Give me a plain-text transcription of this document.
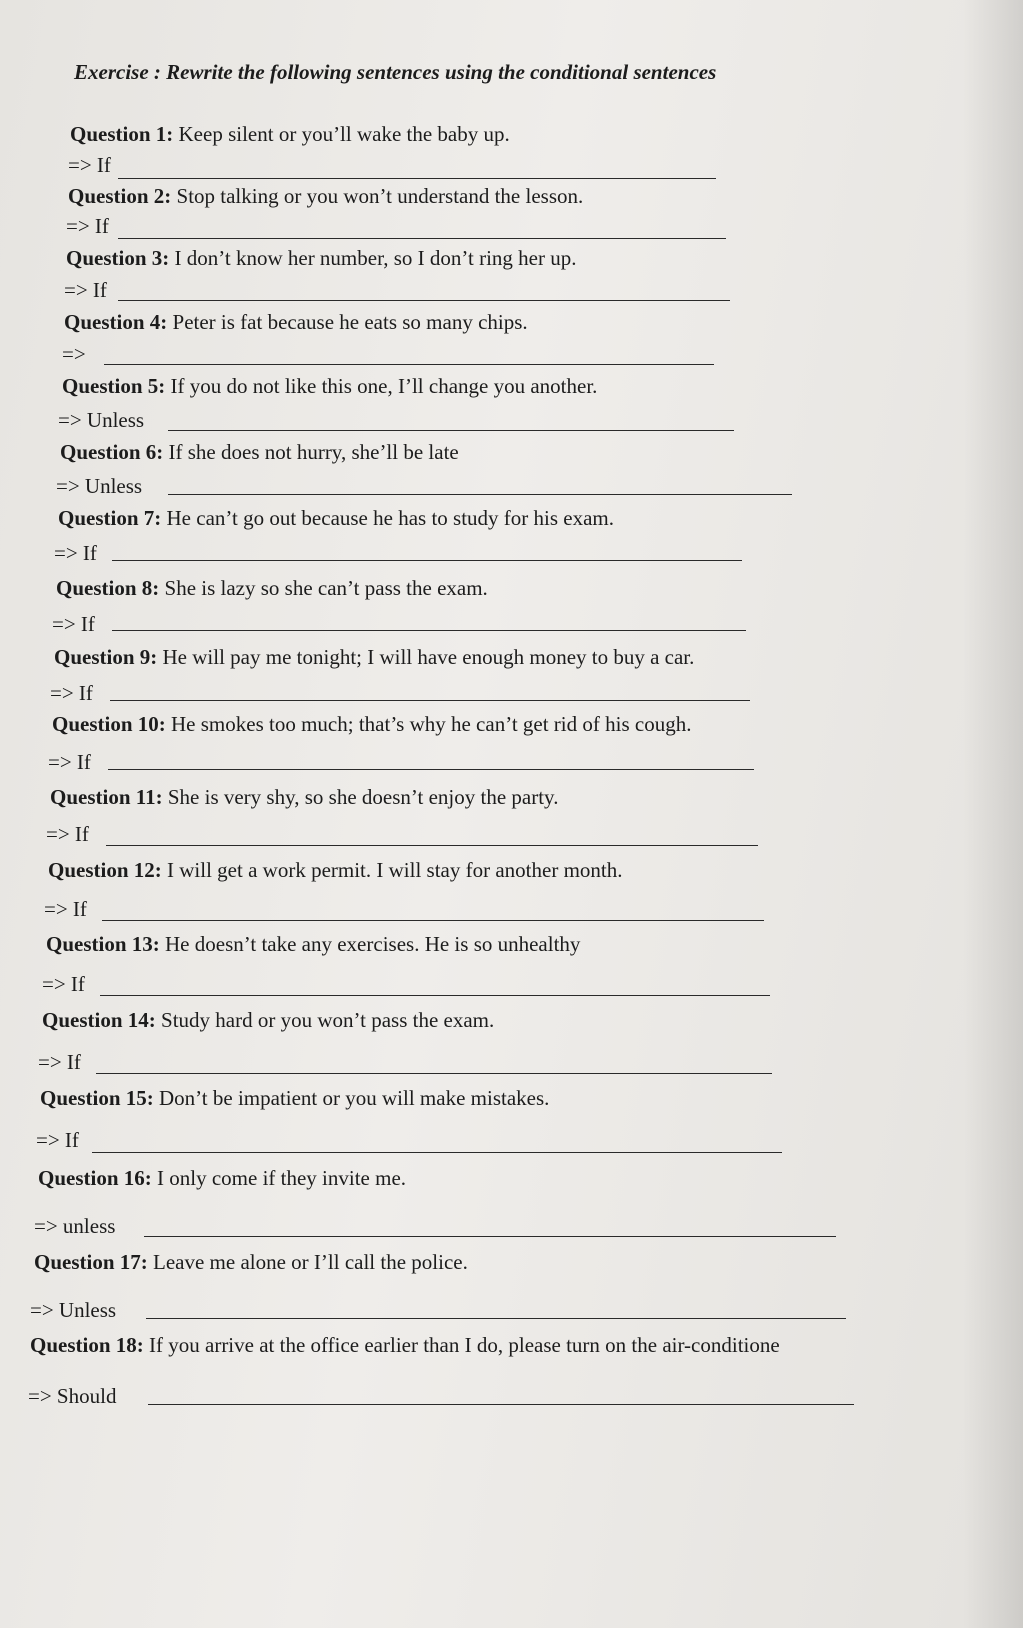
Exercise : Rewrite the following sentences using the conditional sentences
Question 1: Keep silent or you’ll wake the baby up.
=> If
Question 2: Stop talking or you won’t understand the lesson.
=> If
Question 3: I don’t know her number, so I don’t ring her up.
=> If
Question 4: Peter is fat because he eats so many chips.
=>
Question 5: If you do not like this one, I’ll change you another.
=> Unless
Question 6: If she does not hurry, she’ll be late
=> Unless
Question 7: He can’t go out because he has to study for his exam.
=> If
Question 8: She is lazy so she can’t pass the exam.
=> If
Question 9: He will pay me tonight; I will have enough money to buy a car.
=> If
Question 10: He smokes too much; that’s why he can’t get rid of his cough.
=> If
Question 11: She is very shy, so she doesn’t enjoy the party.
=> If
Question 12: I will get a work permit. I will stay for another month.
=> If
Question 13: He doesn’t take any exercises. He is so unhealthy
=> If
Question 14: Study hard or you won’t pass the exam.
=> If
Question 15: Don’t be impatient or you will make mistakes.
=> If
Question 16: I only come if they invite me.
=> unless
Question 17: Leave me alone or I’ll call the police.
=> Unless
Question 18: If you arrive at the office earlier than I do, please turn on the air-conditione
=> Should
